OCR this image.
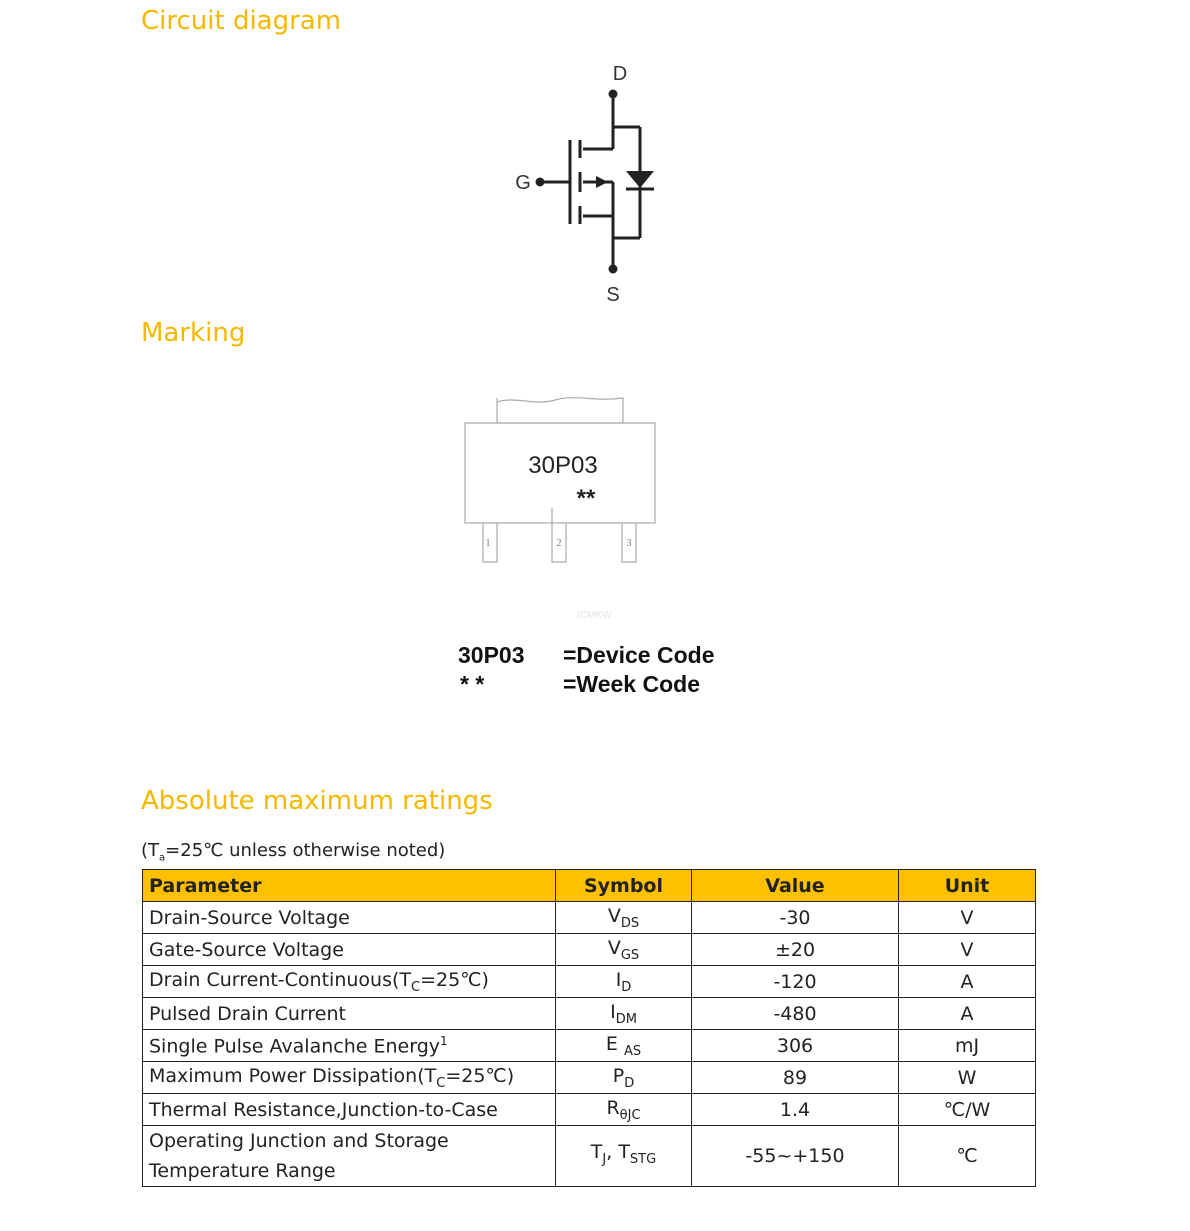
Circuit diagram
D
G
S
Marking
30P03
**
1	2	3
ICMKW
30P03 =Device Code
* *	=Week Code
Absolute maximum ratings
($T_a=25℃$ unless otherwise noted)
Parameter	Symbol	Value	Unit
Drain-Source Voltage	$V_{DS}$	-30	V
Gate-Source Voltage	$V_{GS}$	±20	V
Drain Current-$Continuous(T_C=25℃)$	$I_D$	-120	A
Pulsed Drain Current	$I_{DM}$	-480	A
Single Pulse Avalanche Energy$^1$	E $_{AS}$	306	mJ
Maximum Power $Dissipation(T_C=25℃)$	$P_D$	89	W
Thermal Resistance,Junction-to-Case	$R_{\theta JC}$	1.4	℃/W
Operating Junction and Storage
Temperature Range	$T_J$, $T_{STG}$	-55~+150	℃
